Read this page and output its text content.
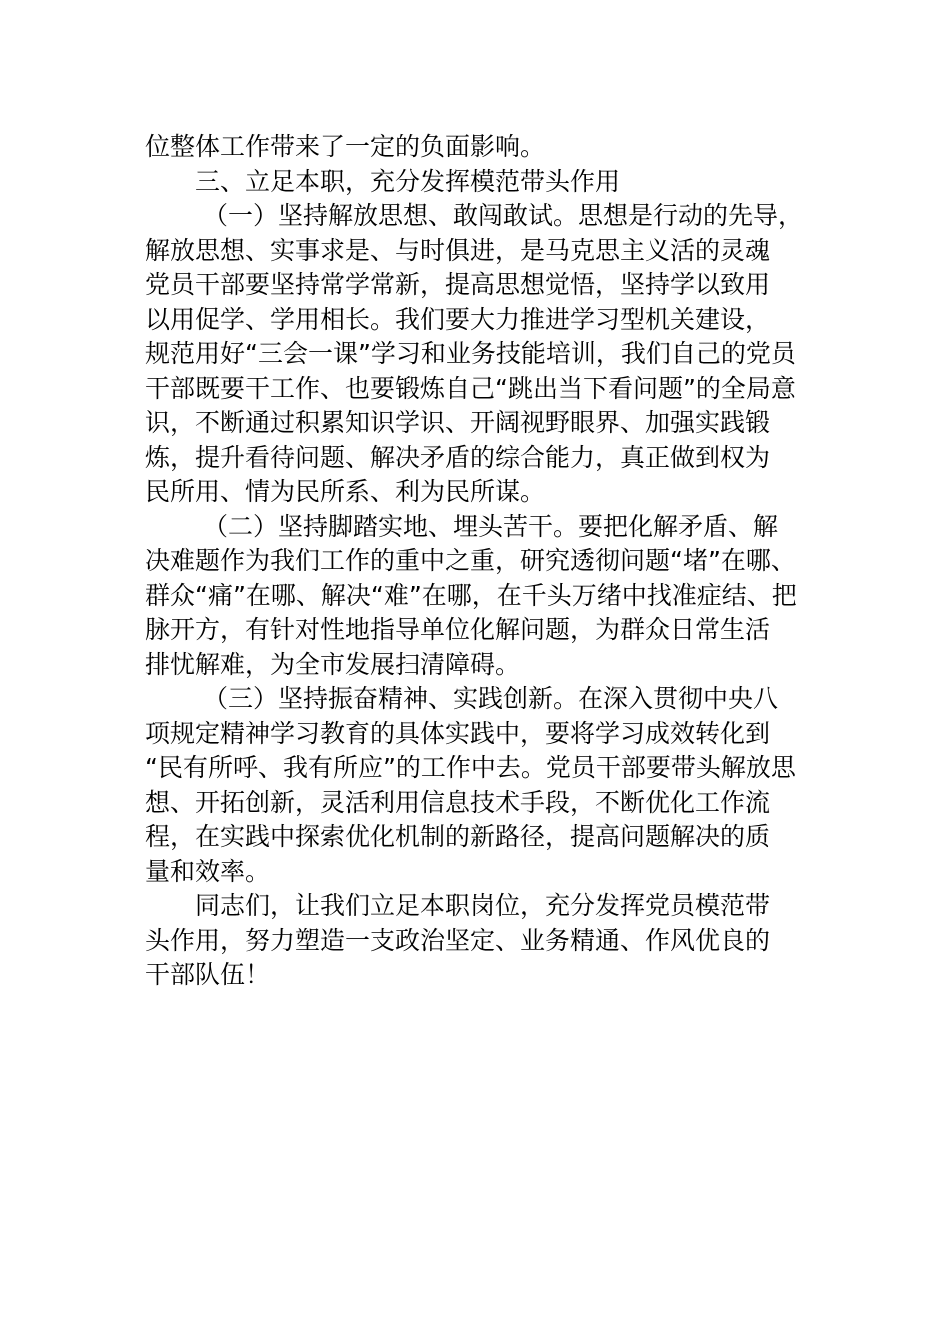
位整体工作带来了一定的负面影响。
三、立足本职，充分发挥模范带头作用
（一）坚持解放思想、敢闯敢试。思想是行动的先导，
解放思想、实事求是、与时俱进，是马克思主义活的灵魂
党员干部要坚持常学常新，提高思想觉悟，坚持学以致用
以用促学、学用相长。我们要大力推进学习型机关建设，
规范用好“三会一课”学习和业务技能培训，我们自己的党员
干部既要干工作、也要锻炼自己“跳出当下看问题”的全局意
识，不断通过积累知识学识、开阔视野眼界、加强实践锻
炼，提升看待问题、解决矛盾的综合能力，真正做到权为
民所用、情为民所系、利为民所谋。
（二）坚持脚踏实地、埋头苦干。要把化解矛盾、解
决难题作为我们工作的重中之重，研究透彻问题“堵”在哪、
群众“痛”在哪、解决“难”在哪，在千头万绪中找准症结、把
脉开方，有针对性地指导单位化解问题，为群众日常生活
排忧解难，为全市发展扫清障碍。
（三）坚持振奋精神、实践创新。在深入贯彻中央八
项规定精神学习教育的具体实践中，要将学习成效转化到
“民有所呼、我有所应”的工作中去。党员干部要带头解放思
想、开拓创新，灵活利用信息技术手段，不断优化工作流
程，在实践中探索优化机制的新路径，提高问题解决的质
量和效率。
同志们，让我们立足本职岗位，充分发挥党员模范带
头作用，努力塑造一支政治坚定、业务精通、作风优良的
干部队伍！
